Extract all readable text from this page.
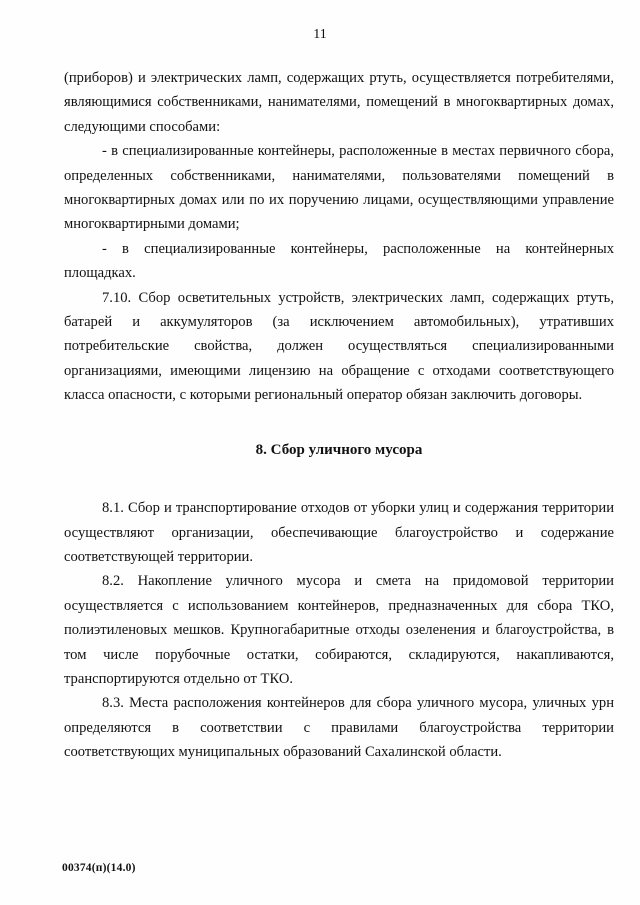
11

(приборов) и электрических ламп, содержащих ртуть, осуществляется потребителями, являющимися собственниками, нанимателями, помещений в многоквартирных домах, следующими способами:

- в специализированные контейнеры, расположенные в местах первичного сбора, определенных собственниками, нанимателями, пользователями помещений в многоквартирных домах или по их поручению лицами, осуществляющими управление многоквартирными домами;

- в специализированные контейнеры, расположенные на контейнерных площадках.

7.10. Сбор осветительных устройств, электрических ламп, содержащих ртуть, батарей и аккумуляторов (за исключением автомобильных), утративших потребительские свойства, должен осуществляться специализированными организациями, имеющими лицензию на обращение с отходами соответствующего класса опасности, с которыми региональный оператор обязан заключить договоры.

8. Сбор уличного мусора

8.1. Сбор и транспортирование отходов от уборки улиц и содержания территории осуществляют организации, обеспечивающие благоустройство и содержание соответствующей территории.

8.2. Накопление уличного мусора и смета на придомовой территории осуществляется с использованием контейнеров, предназначенных для сбора ТКО, полиэтиленовых мешков. Крупногабаритные отходы озеленения и благоустройства, в том числе порубочные остатки, собираются, складируются, накапливаются, транспортируются отдельно от ТКО.

8.3. Места расположения контейнеров для сбора уличного мусора, уличных урн определяются в соответствии с правилами благоустройства территории соответствующих муниципальных образований Сахалинской области.

00374(п)(14.0)
